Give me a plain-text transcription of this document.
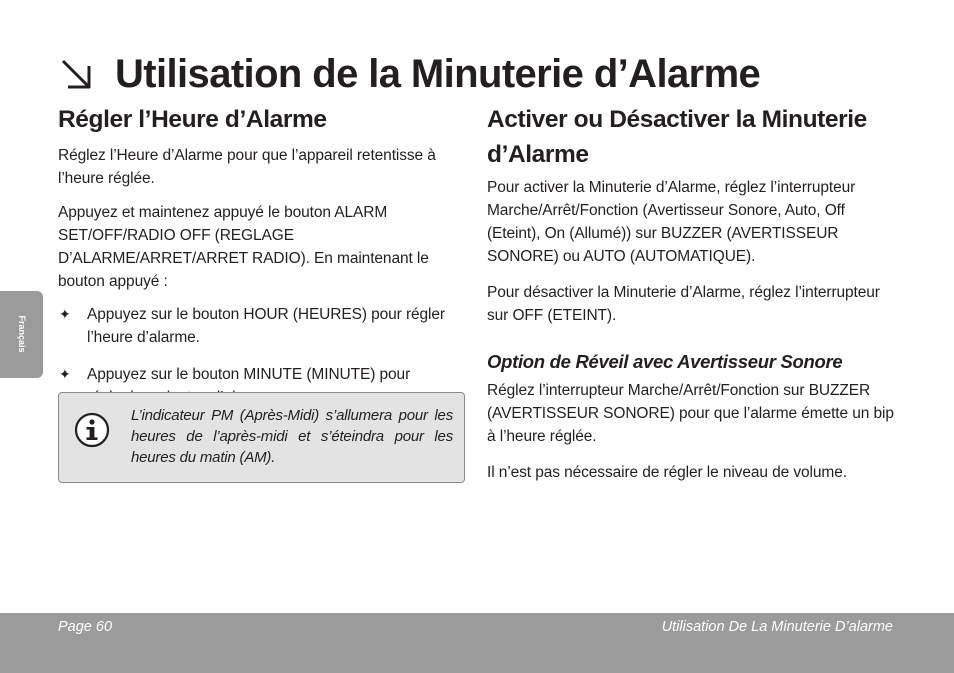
Utilisation de la Minuterie d’Alarme
Régler l’Heure d’Alarme

Réglez l’Heure d’Alarme pour que l’appareil retentisse à l’heure réglée.

Appuyez et maintenez appuyé le bouton ALARM SET/OFF/RADIO OFF (REGLAGE D’ALARME/ARRET/ARRET RADIO). En maintenant le bouton appuyé :

✦ Appuyez sur le bouton HOUR (HEURES) pour régler l’heure d’alarme.
✦ Appuyez sur le bouton MINUTE (MINUTE) pour
L’indicateur PM (Après-Midi) s’allumera pour les heures de l’après-midi et s’éteindra pour les heures du matin (AM).
Activer ou Désactiver la Minuterie d’Alarme

Pour activer la Minuterie d’Alarme, réglez l’interrupteur Marche/Arrêt/Fonction (Avertisseur Sonore, Auto, Off (Eteint), On (Allumé)) sur BUZZER (AVERTISSEUR SONORE) ou AUTO (AUTOMATIQUE).

Pour désactiver la Minuterie d’Alarme, réglez l’interrupteur sur OFF (ETEINT).

Option de Réveil avec Avertisseur Sonore

Réglez l’interrupteur Marche/Arrêt/Fonction sur BUZZER (AVERTISSEUR SONORE) pour que l’alarme émette un bip à l’heure réglée.

Il n’est pas nécessaire de régler le niveau de volume.

Français
Page 60	Utilisation De La Minuterie D’alarme
